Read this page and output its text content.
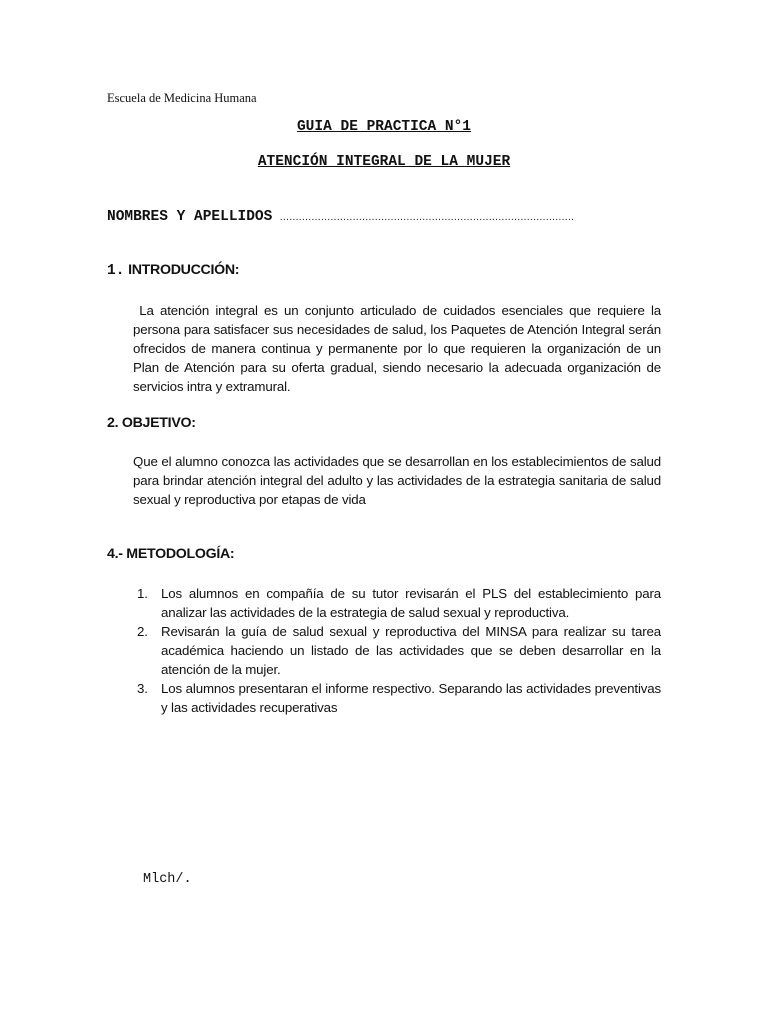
Escuela de Medicina Humana
GUIA DE PRACTICA N°1
ATENCIÓN INTEGRAL DE LA MUJER
NOMBRES Y APELLIDOS …………………………………………………………………………………
1. INTRODUCCIÓN:
La atención integral es un conjunto articulado de cuidados esenciales que requiere la persona para satisfacer sus necesidades de salud, los Paquetes de Atención Integral serán ofrecidos de manera continua y permanente por lo que requieren la organización de un Plan de Atención para su oferta gradual, siendo necesario la adecuada organización de servicios intra y extramural.
2. OBJETIVO:
Que el alumno conozca las actividades que se desarrollan en los establecimientos de salud para brindar atención integral del adulto y las actividades de la estrategia sanitaria de salud sexual y reproductiva por etapas de vida
4.- METODOLOGÍA:
1. Los alumnos en compañía de su tutor revisarán el PLS del establecimiento para analizar las actividades de la estrategia de salud sexual y reproductiva.
2. Revisarán la guía de salud sexual y reproductiva del MINSA para realizar su tarea académica haciendo un listado de las actividades que se deben desarrollar en la atención de la mujer.
3. Los alumnos presentaran el informe respectivo. Separando las actividades preventivas y las actividades recuperativas
Mlch/.
